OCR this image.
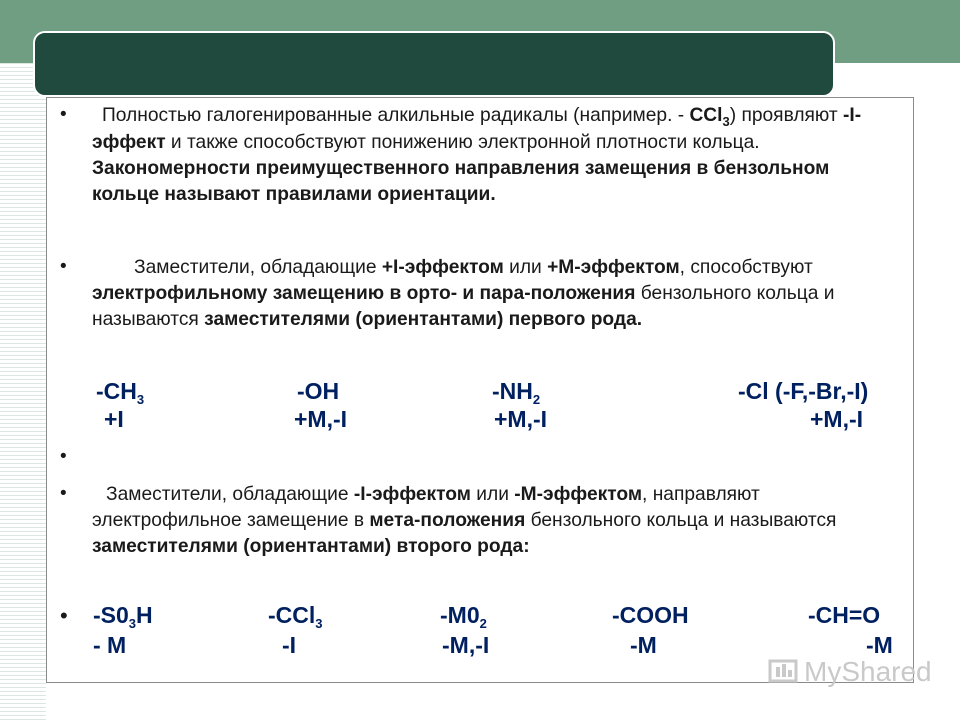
•	Полностью галогенированные алкильные радикалы (например. - CCl$_3$) проявляют -I-эффект и также способствуют понижению электронной плотности кольца. Закономерности преимущественного направления замещения в бензольном кольце называют правилами ориентации.
•	Заместители, обладающие +I-эффектом или +М-эффектом, способствуют электрофильному замещению в орто- и пара-положения бензольного кольца и называются заместителями (ориентантами) первого рода.
$-CH_3$	-OH	$-NH_2$	-Cl (-F,-Br,-I)
+I	+M,-I	+M,-I	+M,-I
•
•	Заместители, обладающие -I-эффектом или -М-эффектом, направляют электрофильное замещение в мета-положения бензольного кольца и называются заместителями (ориентантами) второго рода:
• $-S0_3H$	-CCl$_3$	$-M0_2$	-COOH	-CH=O
- M	-I	-M,-I	-M	-M
MyShared
